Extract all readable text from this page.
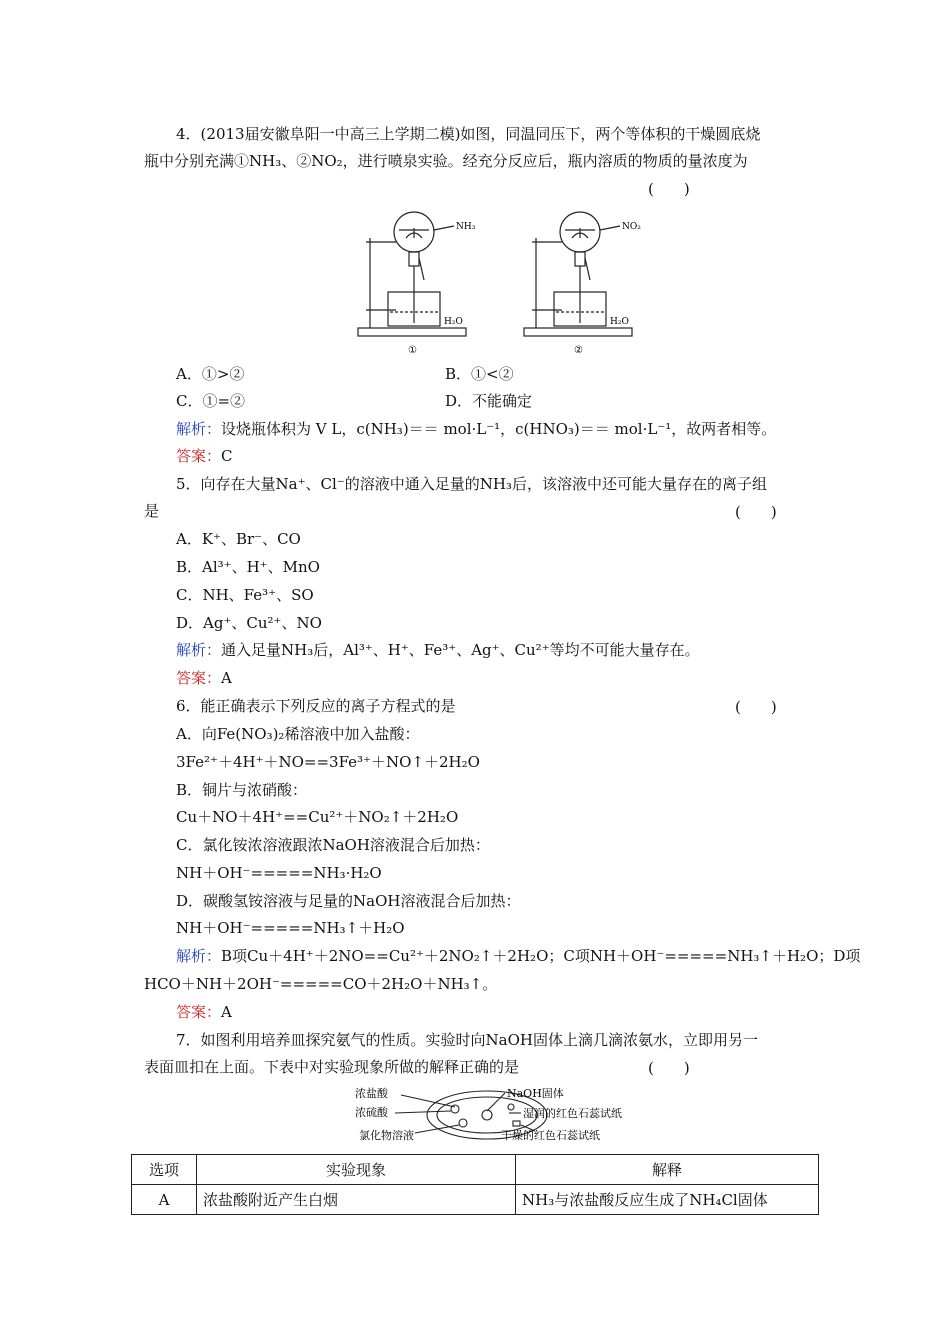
4．(2013届安徽阜阳一中高三上学期二模)如图，同温同压下，两个等体积的干燥圆底烧
瓶中分别充满①NH₃、②NO₂，进行喷泉实验。经充分反应后，瓶内溶质的物质的量浓度为
(　　)
NH₃
H₂O
①
NO₂
H₂O
②
A．①>②	B．①<②
C．①=②	D．不能确定
解析：设烧瓶体积为 V L，c(NH₃)＝＝ mol·L⁻¹，c(HNO₃)＝＝ mol·L⁻¹，故两者相等。
答案：C
5．向存在大量Na⁺、Cl⁻的溶液中通入足量的NH₃后，该溶液中还可能大量存在的离子组
是	(　　)
A．K⁺、Br⁻、CO
B．Al³⁺、H⁺、MnO
C．NH、Fe³⁺、SO
D．Ag⁺、Cu²⁺、NO
解析：通入足量NH₃后，Al³⁺、H⁺、Fe³⁺、Ag⁺、Cu²⁺等均不可能大量存在。
答案：A
6．能正确表示下列反应的离子方程式的是	(　　)
A．向Fe(NO₃)₂稀溶液中加入盐酸：
3Fe²⁺＋4H⁺＋NO==3Fe³⁺＋NO↑＋2H₂O
B．铜片与浓硝酸：
Cu＋NO＋4H⁺==Cu²⁺＋NO₂↑＋2H₂O
C．氯化铵浓溶液跟浓NaOH溶液混合后加热：
NH＋OH⁻=====NH₃·H₂O
D．碳酸氢铵溶液与足量的NaOH溶液混合后加热：
NH＋OH⁻=====NH₃↑＋H₂O
解析：B项Cu＋4H⁺＋2NO==Cu²⁺＋2NO₂↑＋2H₂O；C项NH＋OH⁻=====NH₃↑＋H₂O；D项
HCO＋NH＋2OH⁻=====CO＋2H₂O＋NH₃↑。
答案：A
7．如图利用培养皿探究氨气的性质。实验时向NaOH固体上滴几滴浓氨水，立即用另一
表面皿扣在上面。下表中对实验现象所做的解释正确的是	(　　)
浓盐酸
浓硫酸
氯化物溶液
NaOH固体
湿润的红色石蕊试纸
干燥的红色石蕊试纸
选项	实验现象	解释
A	浓盐酸附近产生白烟	NH₃与浓盐酸反应生成了NH₄Cl固体
